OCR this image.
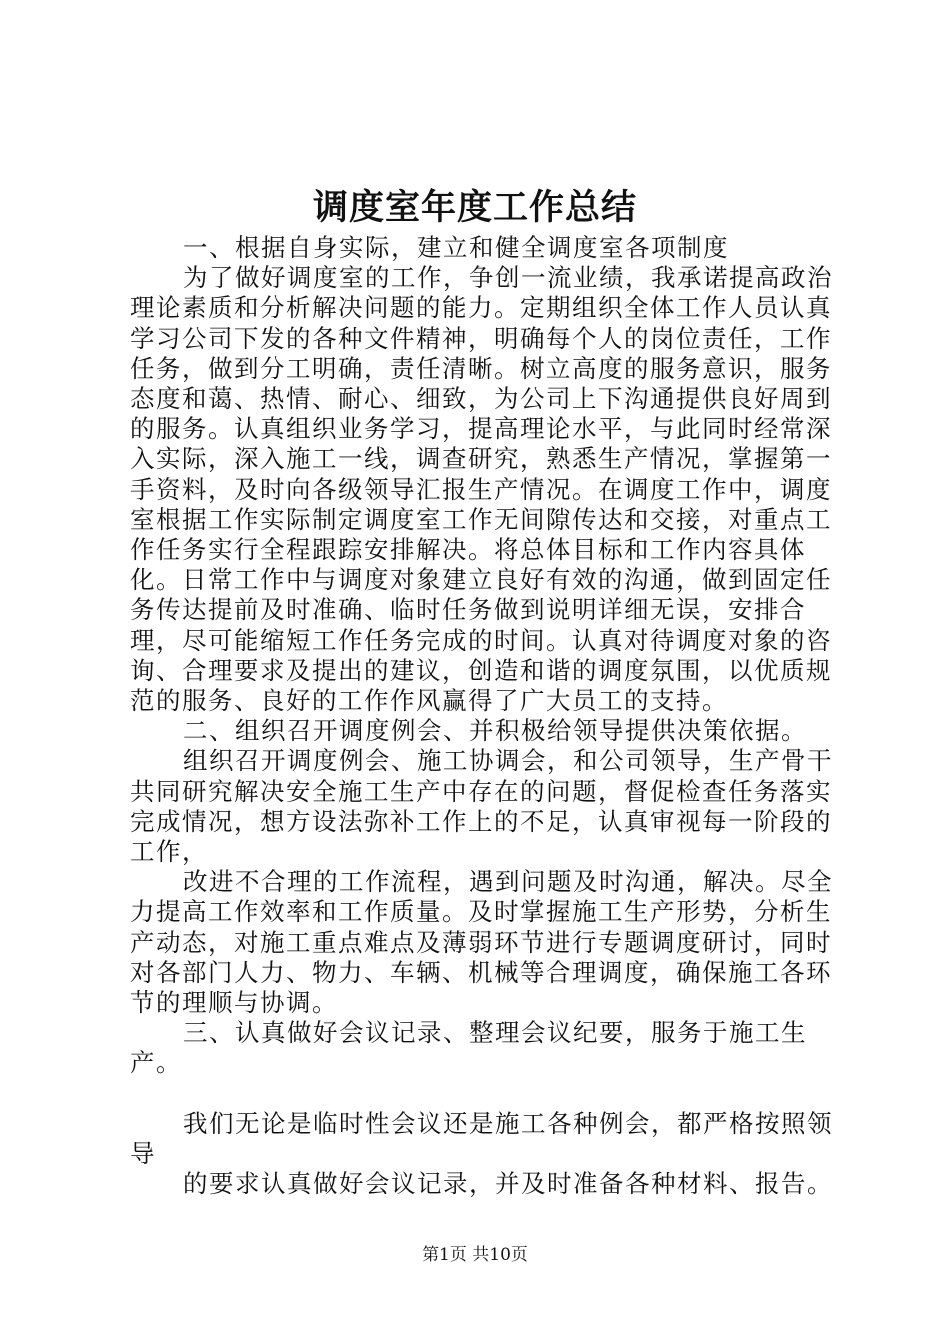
调度室年度工作总结

一、根据自身实际，建立和健全调度室各项制度

为了做好调度室的工作，争创一流业绩，我承诺提高政治理论素质和分析解决问题的能力。定期组织全体工作人员认真学习公司下发的各种文件精神，明确每个人的岗位责任，工作任务，做到分工明确，责任清晰。树立高度的服务意识，服务态度和蔼、热情、耐心、细致，为公司上下沟通提供良好周到的服务。认真组织业务学习，提高理论水平，与此同时经常深入实际，深入施工一线，调查研究，熟悉生产情况，掌握第一手资料，及时向各级领导汇报生产情况。在调度工作中，调度室根据工作实际制定调度室工作无间隙传达和交接，对重点工作任务实行全程跟踪安排解决。将总体目标和工作内容具体化。日常工作中与调度对象建立良好有效的沟通，做到固定任务传达提前及时准确、临时任务做到说明详细无误，安排合理，尽可能缩短工作任务完成的时间。认真对待调度对象的咨询、合理要求及提出的建议，创造和谐的调度氛围，以优质规范的服务、良好的工作作风赢得了广大员工的支持。

二、组织召开调度例会、并积极给领导提供决策依据。

组织召开调度例会、施工协调会，和公司领导，生产骨干共同研究解决安全施工生产中存在的问题，督促检查任务落实完成情况，想方设法弥补工作上的不足，认真审视每一阶段的工作，

改进不合理的工作流程，遇到问题及时沟通，解决。尽全力提高工作效率和工作质量。及时掌握施工生产形势，分析生产动态，对施工重点难点及薄弱环节进行专题调度研讨，同时对各部门人力、物力、车辆、机械等合理调度，确保施工各环节的理顺与协调。

三、认真做好会议记录、整理会议纪要，服务于施工生产。

我们无论是临时性会议还是施工各种例会，都严格按照领导

的要求认真做好会议记录，并及时准备各种材料、报告。

第1页 共10页
